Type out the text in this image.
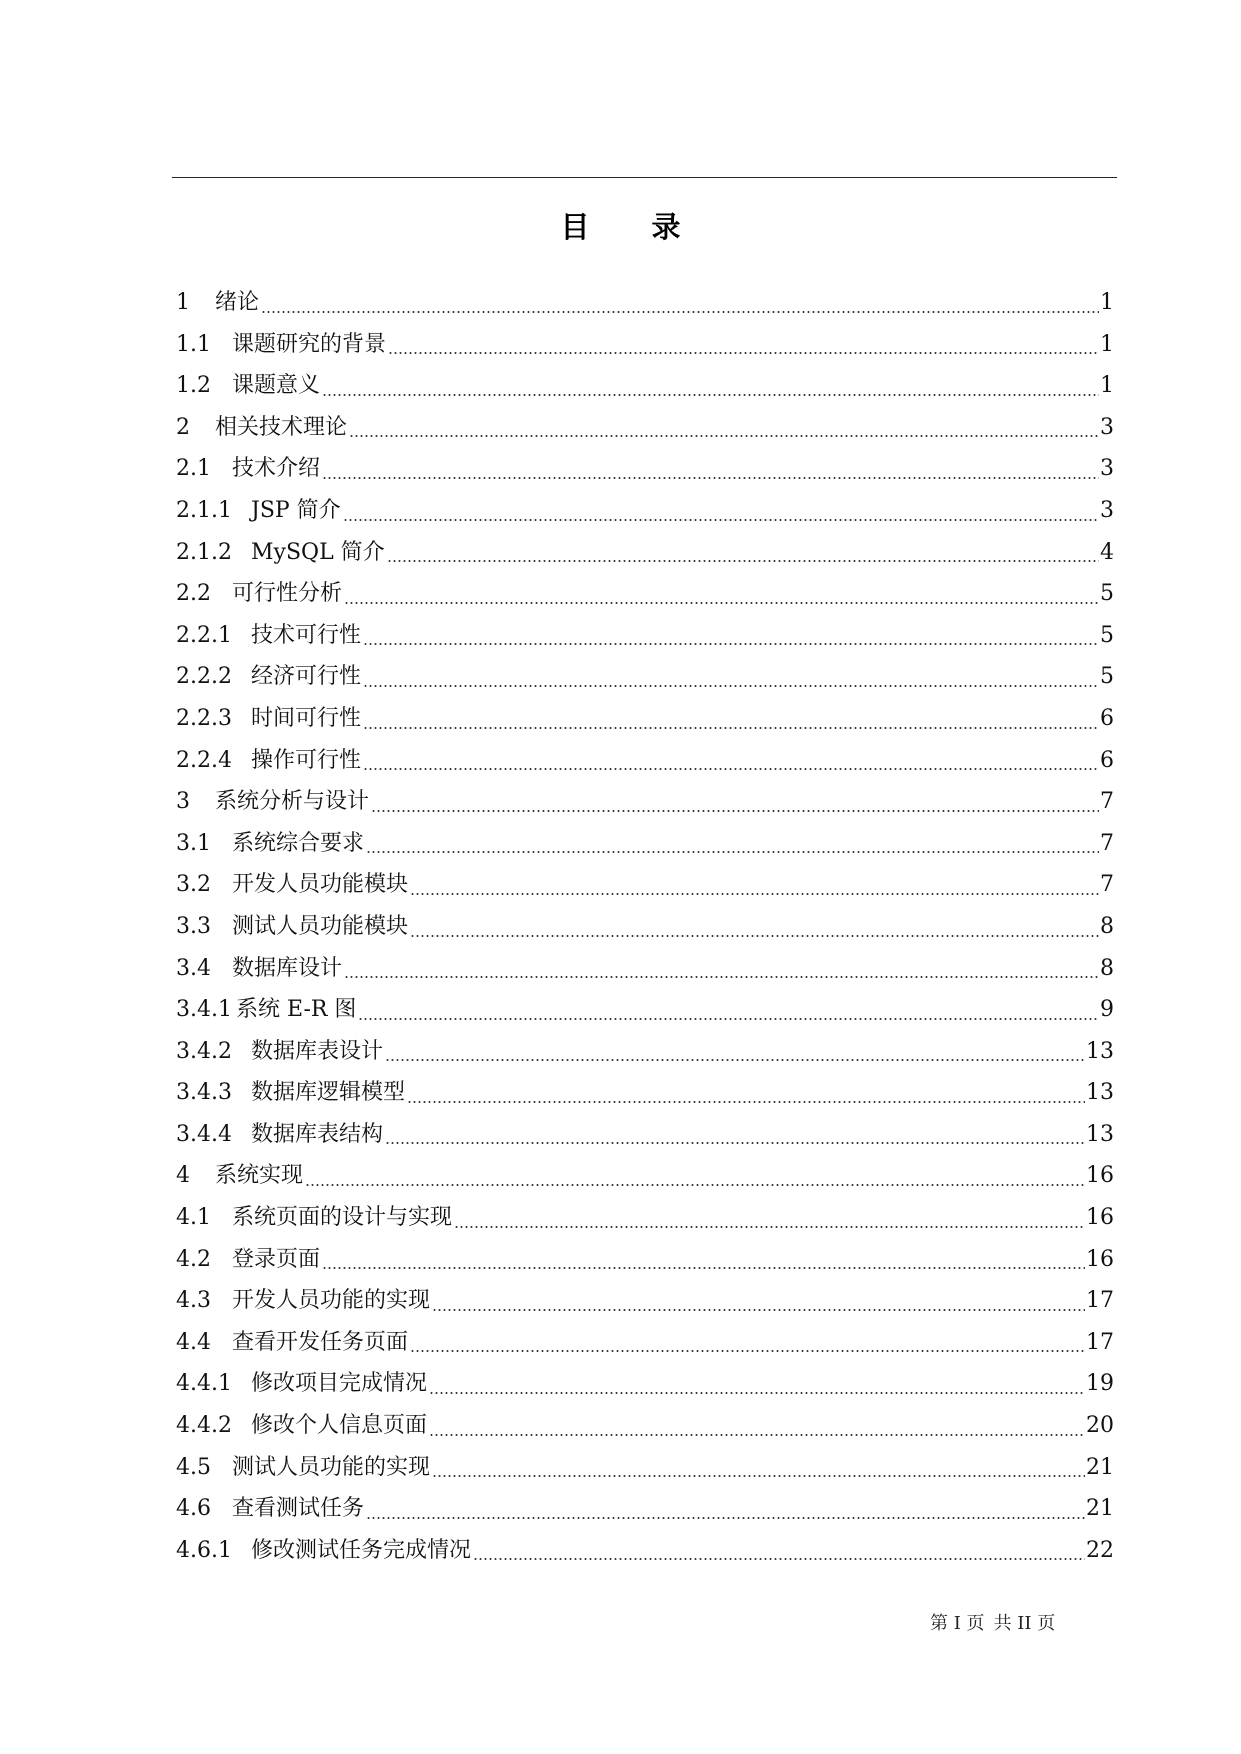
目 录
1 绪论	1
1.1 课题研究的背景	1
1.2 课题意义	1
2 相关技术理论	3
2.1 技术介绍	3
2.1.1 JSP 简介	3
2.1.2 MySQL 简介	4
2.2 可行性分析	5
2.2.1 技术可行性	5
2.2.2 经济可行性	5
2.2.3 时间可行性	6
2.2.4 操作可行性	6
3 系统分析与设计	7
3.1 系统综合要求	7
3.2 开发人员功能模块	7
3.3 测试人员功能模块	8
3.4 数据库设计	8
3.4.1 系统 E-R 图	9
3.4.2 数据库表设计	13
3.4.3 数据库逻辑模型	13
3.4.4 数据库表结构	13
4 系统实现	16
4.1 系统页面的设计与实现	16
4.2 登录页面	16
4.3 开发人员功能的实现	17
4.4 查看开发任务页面	17
4.4.1 修改项目完成情况	19
4.4.2 修改个人信息页面	20
4.5 测试人员功能的实现	21
4.6 查看测试任务	21
4.6.1 修改测试任务完成情况	22
第 I 页 共 II 页
